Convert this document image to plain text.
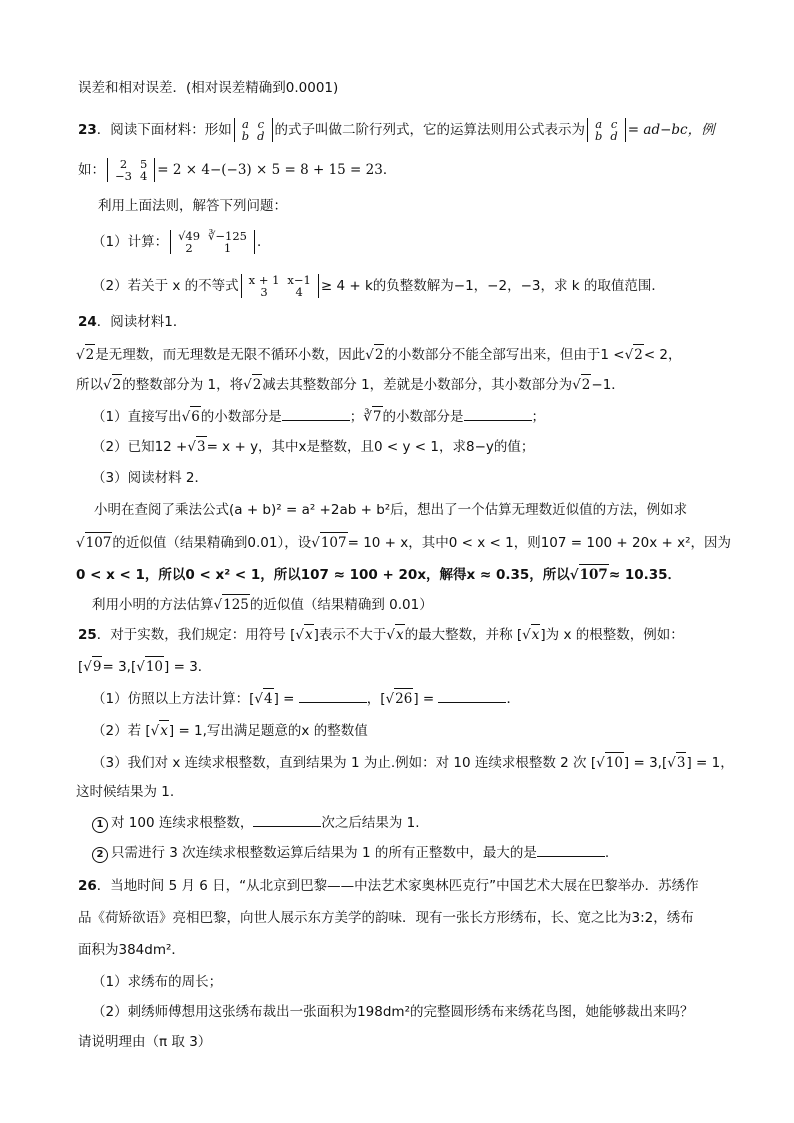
误差和相对误差．(相对误差精确到0.0001)
23．阅读下面材料：形如 a	c
b	d 的式子叫做二阶行列式，它的运算法则用公式表示为 a	c
b	d = ad−bc，例
如： 2	5
−3	4 = 2 × 4−(−3) × 5 = 8 + 15 = 23．
利用上面法则，解答下列问题：
（1）计算： √49	∛−125
2	1 ．
（2）若关于 x 的不等式 x + 1	x−1
3	4 ≥ 4 + k的负整数解为−1，−2，−3，求 k 的取值范围．
24．阅读材料1．
√2是无理数，而无理数是无限不循环小数，因此√2的小数部分不能全部写出来，但由于1 <√2< 2，
所以√2的整数部分为 1，将√2减去其整数部分 1，差就是小数部分，其小数部分为√2−1．
（1）直接写出√6的小数部分是	；∛7的小数部分是	；
（2）已知12 +√3= x + y，其中x是整数，且0 < y < 1，求8−y的值；
（3）阅读材料 2．
小明在查阅了乘法公式(a + b)² = a² +2ab + b²后，想出了一个估算无理数近似值的方法，例如求
√107的近似值（结果精确到0.01），设√107= 10 + x，其中0 < x < 1，则107 = 100 + 20x + x²，因为
0 < x < 1，所以0 < x² < 1，所以107 ≈ 100 + 20x，解得x ≈ 0.35，所以√107≈ 10.35．
利用小明的方法估算√125的近似值（结果精确到 0.01）
25．对于实数，我们规定：用符号 [√x]表示不大于√x的最大整数，并称 [√x]为 x 的根整数，例如：
[√9= 3,[√10] = 3．
（1）仿照以上方法计算：[√4] =	，[√26] =	．
（2）若 [√x] = 1,写出满足题意的x 的整数值
（3）我们对 x 连续求根整数，直到结果为 1 为止.例如：对 10 连续求根整数 2 次 [√10] = 3,[√3] = 1，
这时候结果为 1.
1 对 100 连续求根整数，	次之后结果为 1.
2 只需进行 3 次连续求根整数运算后结果为 1 的所有正整数中，最大的是	.
26．当地时间 5 月 6 日，“从北京到巴黎——中法艺术家奥林匹克行”中国艺术大展在巴黎举办．苏绣作
品《荷矫欲语》亮相巴黎，向世人展示东方美学的韵味．现有一张长方形绣布，长、宽之比为3:2，绣布
面积为384dm²．
（1）求绣布的周长；
（2）刺绣师傅想用这张绣布裁出一张面积为198dm²的完整圆形绣布来绣花鸟图，她能够裁出来吗？
请说明理由（π 取 3）
